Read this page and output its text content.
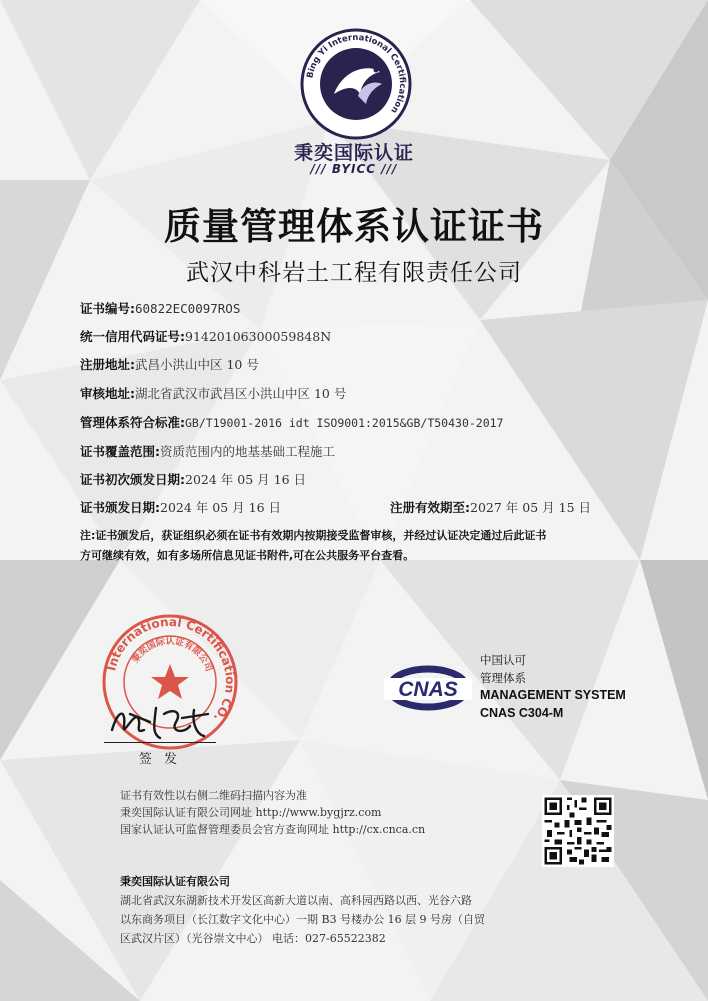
Bing Yi International Certification
秉奕国际认证
/// BYICC ///
质量管理体系认证证书
武汉中科岩土工程有限责任公司
证书编号:60822EC0097ROS
统一信用代码证号:91420106300059848N
注册地址:武昌小洪山中区 10 号
审核地址:湖北省武汉市武昌区小洪山中区 10 号
管理体系符合标准:GB/T19001-2016 idt ISO9001:2015&GB/T50430-2017
证书覆盖范围:资质范围内的地基基础工程施工
证书初次颁发日期:2024 年 05 月 16 日
证书颁发日期:2024 年 05 月 16 日	注册有效期至:2027 年 05 月 15 日
注:证书颁发后，获证组织必须在证书有效期内按期接受监督审核，并经过认证决定通过后此证书
方可继续有效，如有多场所信息见证书附件,可在公共服务平台查看。
International Certification CO.
秉奕国际认证有限公司
签 发
CNAS
中国认可
管理体系
MANAGEMENT SYSTEM
CNAS C304-M
证书有效性以右侧二维码扫描内容为准
秉奕国际认证有限公司网址 http://www.bygjrz.com
国家认证认可监督管理委员会官方查询网址 http://cx.cnca.cn
秉奕国际认证有限公司
湖北省武汉东湖新技术开发区高新大道以南、高科园西路以西、光谷六路
以东商务项目（长江数字文化中心）一期 B3 号楼办公 16 层 9 号房（自贸
区武汉片区）（光谷崇文中心） 电话：027-65522382
